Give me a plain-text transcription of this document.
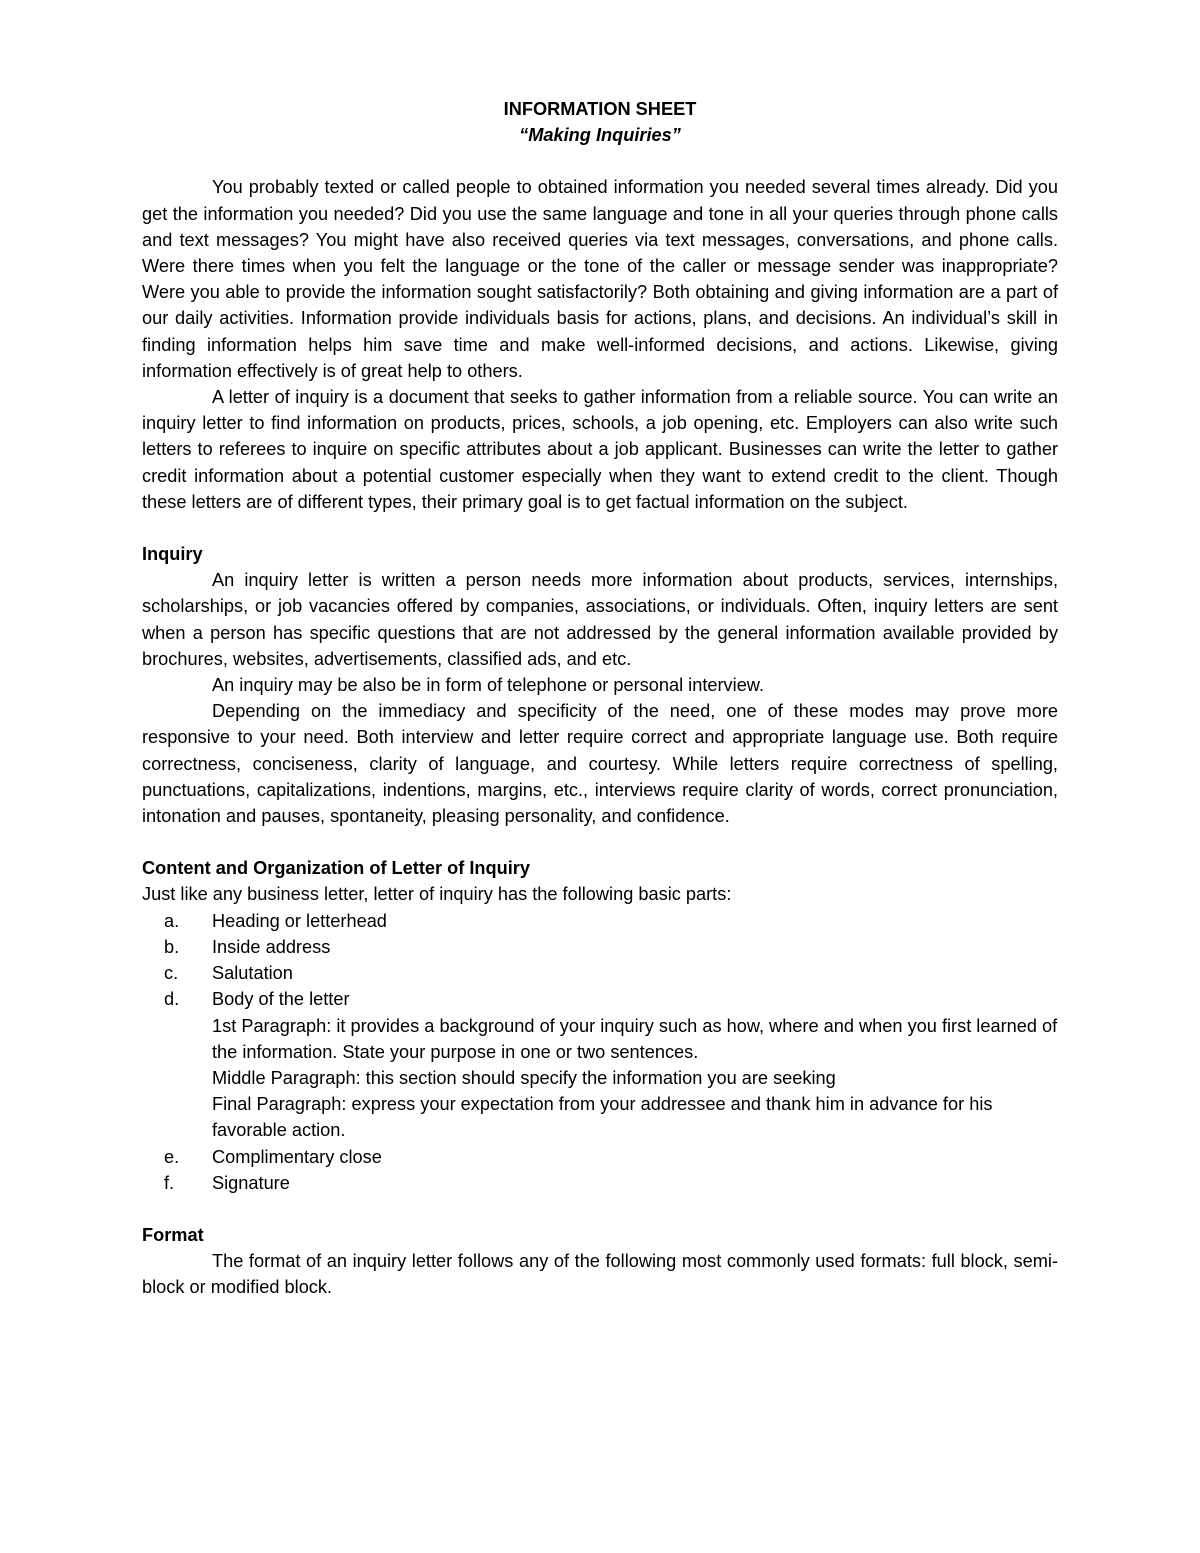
INFORMATION SHEET

“Making Inquiries”

You probably texted or called people to obtained information you needed several times already. Did you get the information you needed? Did you use the same language and tone in all your queries through phone calls and text messages? You might have also received queries via text messages, conversations, and phone calls. Were there times when you felt the language or the tone of the caller or message sender was inappropriate? Were you able to provide the information sought satisfactorily? Both obtaining and giving information are a part of our daily activities. Information provide individuals basis for actions, plans, and decisions. An individual’s skill in finding information helps him save time and make well-informed decisions, and actions. Likewise, giving information effectively is of great help to others.

A letter of inquiry is a document that seeks to gather information from a reliable source. You can write an inquiry letter to find information on products, prices, schools, a job opening, etc. Employers can also write such letters to referees to inquire on specific attributes about a job applicant. Businesses can write the letter to gather credit information about a potential customer especially when they want to extend credit to the client. Though these letters are of different types, their primary goal is to get factual information on the subject.

Inquiry

An inquiry letter is written a person needs more information about products, services, internships, scholarships, or job vacancies offered by companies, associations, or individuals. Often, inquiry letters are sent when a person has specific questions that are not addressed by the general information available provided by brochures, websites, advertisements, classified ads, and etc.

An inquiry may be also be in form of telephone or personal interview.

Depending on the immediacy and specificity of the need, one of these modes may prove more responsive to your need. Both interview and letter require correct and appropriate language use. Both require correctness, conciseness, clarity of language, and courtesy. While letters require correctness of spelling, punctuations, capitalizations, indentions, margins, etc., interviews require clarity of words, correct pronunciation, intonation and pauses, spontaneity, pleasing personality, and confidence.

Content and Organization of Letter of Inquiry

Just like any business letter, letter of inquiry has the following basic parts:

a. Heading or letterhead
b. Inside address
c. Salutation
d. Body of the letter
1st Paragraph: it provides a background of your inquiry such as how, where and when you first learned of the information. State your purpose in one or two sentences.
Middle Paragraph: this section should specify the information you are seeking
Final Paragraph: express your expectation from your addressee and thank him in advance for his favorable action.
e. Complimentary close
f. Signature

Format

The format of an inquiry letter follows any of the following most commonly used formats: full block, semi-block or modified block.
